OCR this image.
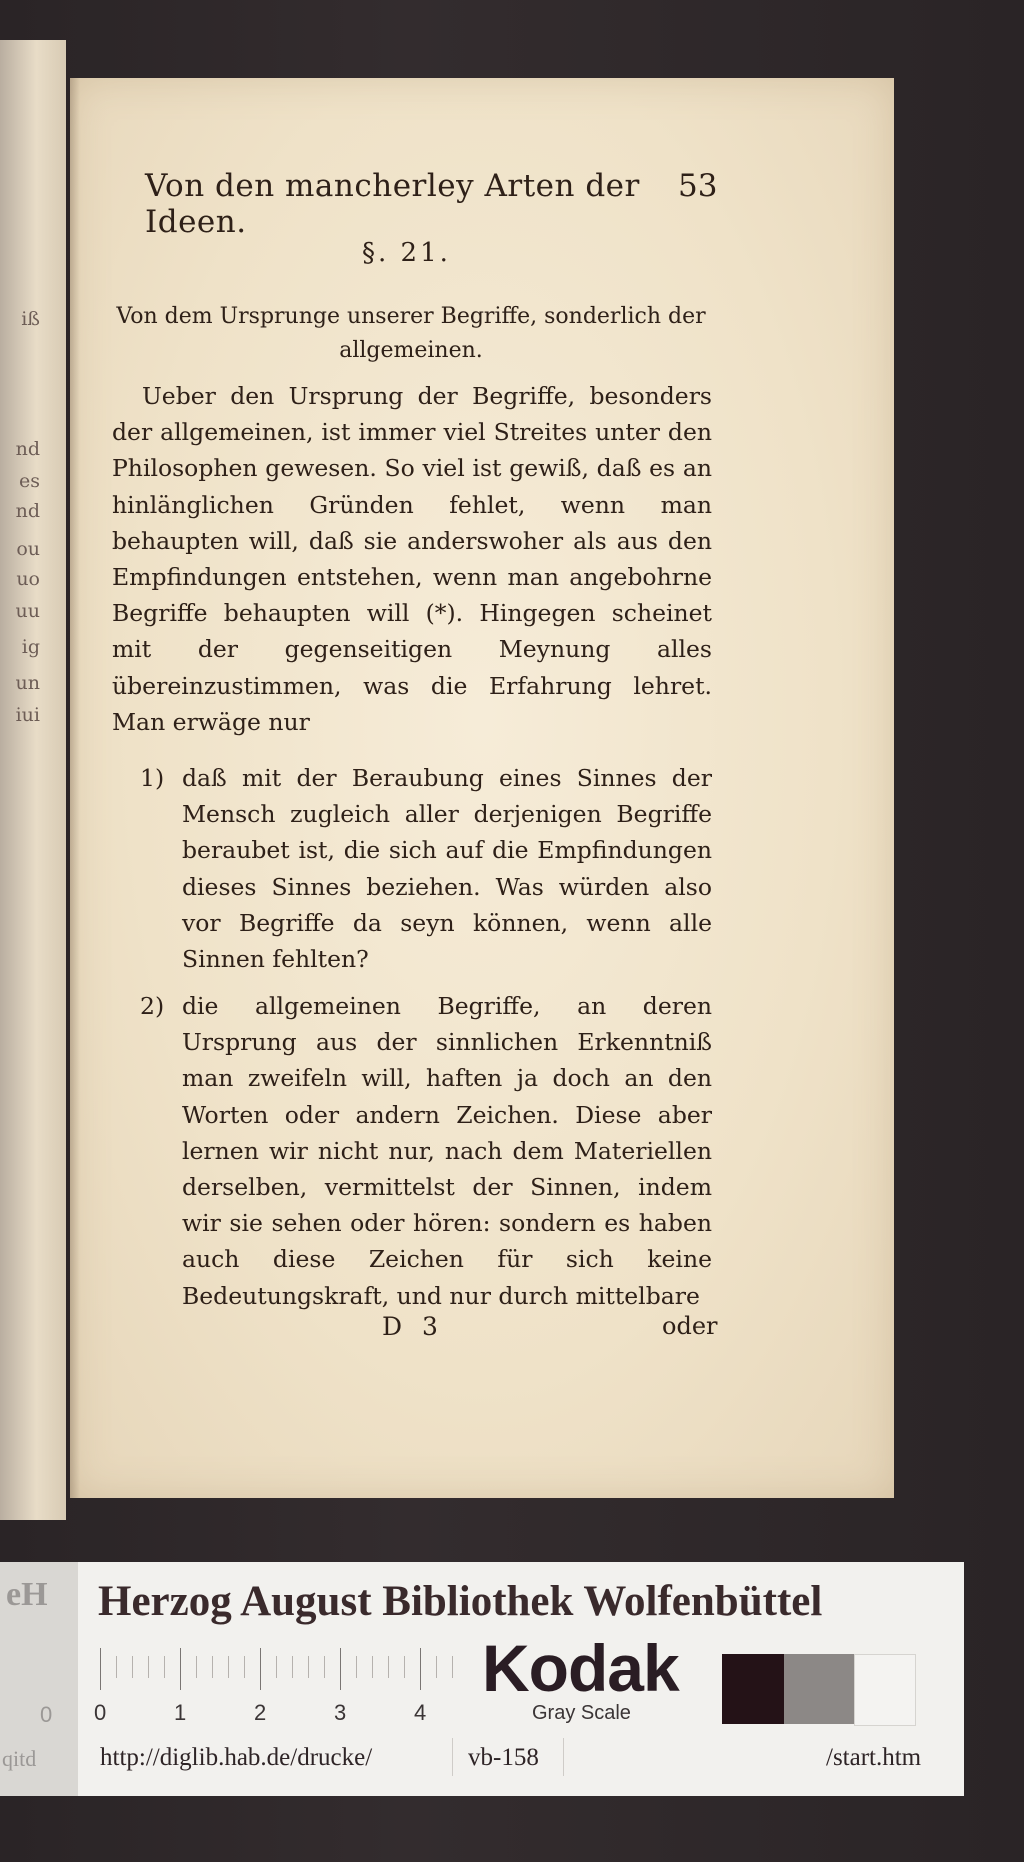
iß
nd
es
nd
ou
uo
uu
ig
un
iui
Von den mancherley Arten der Ideen.
53
§. 21.
Von dem Ursprunge unserer Begriffe, sonderlich der allgemeinen.

Ueber den Ursprung der Begriffe, besonders der allgemeinen, ist immer viel Streites unter den Philosophen gewesen. So viel ist gewiß, daß es an hinlänglichen Gründen fehlet, wenn man behaupten will, daß sie anderswoher als aus den Empfindungen entstehen, wenn man angebohrne Begriffe behaupten will (*). Hingegen scheinet mit der gegenseitigen Meynung alles übereinzustimmen, was die Erfahrung lehret. Man erwäge nur

1) daß mit der Beraubung eines Sinnes der Mensch zugleich aller derjenigen Begriffe beraubet ist, die sich auf die Empfindungen dieses Sinnes beziehen. Was würden also vor Begriffe da seyn können, wenn alle Sinnen fehlten?

2) die allgemeinen Begriffe, an deren Ursprung aus der sinnlichen Erkenntniß man zweifeln will, haften ja doch an den Worten oder andern Zeichen. Diese aber lernen wir nicht nur, nach dem Materiellen derselben, vermittelst der Sinnen, indem wir sie sehen oder hören: sondern es haben auch diese Zeichen für sich keine Bedeutungskraft, und nur durch mittelbare

D 3	oder
eH
0
qitd
Herzog August Bibliothek Wolfenbüttel
0	1	2	3	4
Kodak
Gray Scale
http://diglib.hab.de/drucke/	vb-158	/start.htm
